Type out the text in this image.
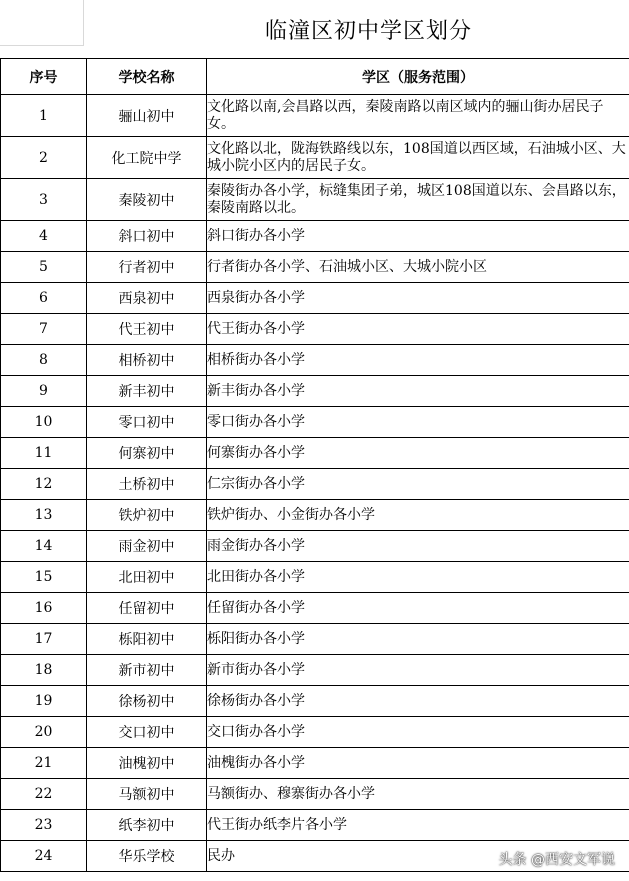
临潼区初中学区划分
序号	学校名称	学区（服务范围）
1	骊山初中	文化路以南,会昌路以西，秦陵南路以南区域内的骊山街办居民子女。
2	化工院中学	文化路以北，陇海铁路线以东，108国道以西区域，石油城小区、大城小院小区内的居民子女。
3	秦陵初中	秦陵街办各小学，标缝集团子弟，城区108国道以东、会昌路以东，秦陵南路以北。
4	斜口初中	斜口街办各小学
5	行者初中	行者街办各小学、石油城小区、大城小院小区
6	西泉初中	西泉街办各小学
7	代王初中	代王街办各小学
8	相桥初中	相桥街办各小学
9	新丰初中	新丰街办各小学
10	零口初中	零口街办各小学
11	何寨初中	何寨街办各小学
12	土桥初中	仁宗街办各小学
13	铁炉初中	铁炉街办、小金街办各小学
14	雨金初中	雨金街办各小学
15	北田初中	北田街办各小学
16	任留初中	任留街办各小学
17	栎阳初中	栎阳街办各小学
18	新市初中	新市街办各小学
19	徐杨初中	徐杨街办各小学
20	交口初中	交口街办各小学
21	油槐初中	油槐街办各小学
22	马额初中	马额街办、穆寨街办各小学
23	纸李初中	代王街办纸李片各小学
24	华乐学校	民办	头条 @西安文军说
